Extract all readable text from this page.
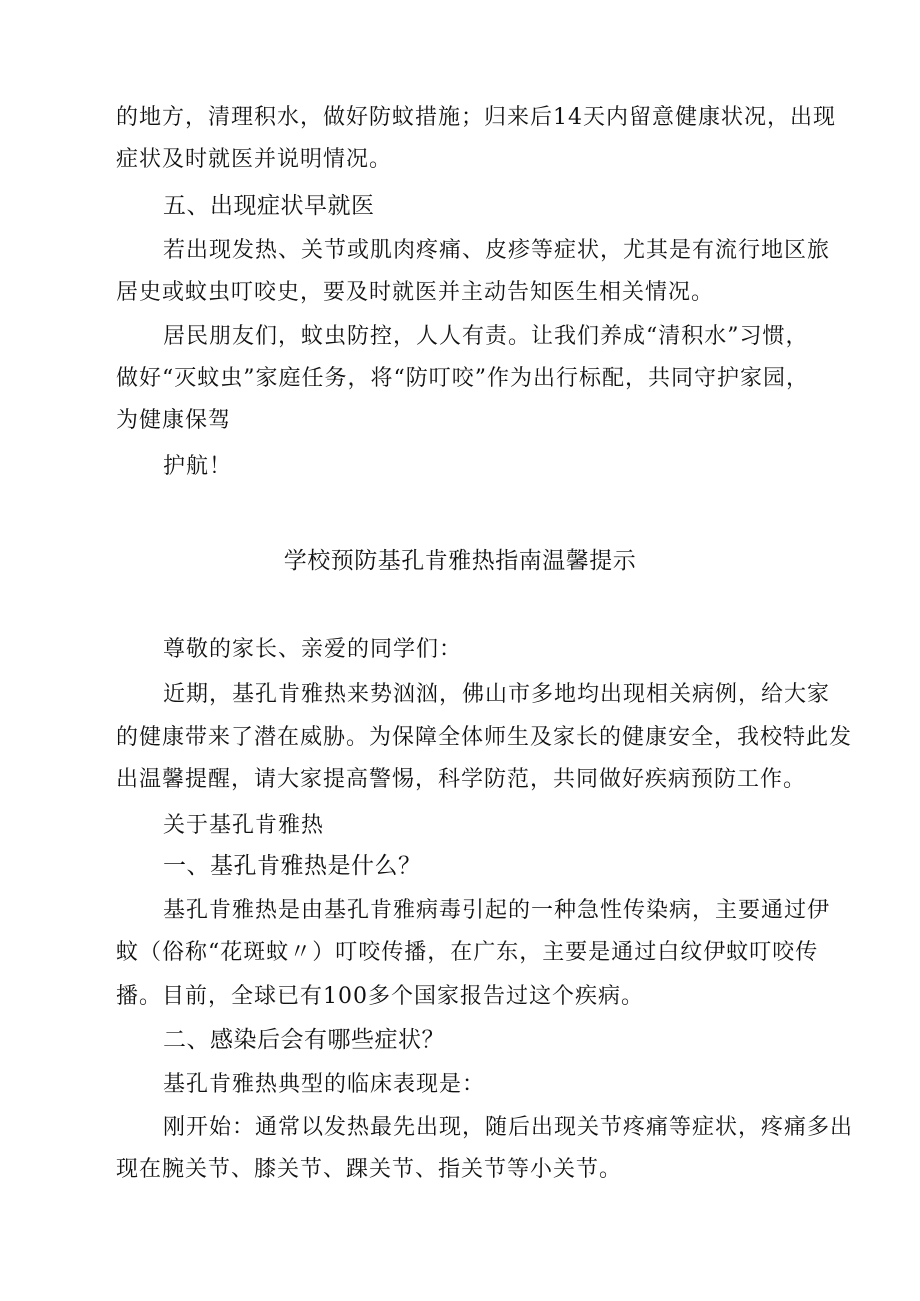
的地方，清理积水，做好防蚊措施；归来后14天内留意健康状况，出现
症状及时就医并说明情况。
五、出现症状早就医
若出现发热、关节或肌肉疼痛、皮疹等症状，尤其是有流行地区旅
居史或蚊虫叮咬史，要及时就医并主动告知医生相关情况。
居民朋友们，蚊虫防控，人人有责。让我们养成“清积水”习惯，
做好“灭蚊虫”家庭任务，将“防叮咬”作为出行标配，共同守护家园，
为健康保驾
护航！
学校预防基孔肯雅热指南温馨提示
尊敬的家长、亲爱的同学们：
近期，基孔肯雅热来势汹汹，佛山市多地均出现相关病例，给大家
的健康带来了潜在威胁。为保障全体师生及家长的健康安全，我校特此发
出温馨提醒，请大家提高警惕，科学防范，共同做好疾病预防工作。
关于基孔肯雅热
一、基孔肯雅热是什么？
基孔肯雅热是由基孔肯雅病毒引起的一种急性传染病，主要通过伊
蚊（俗称“花斑蚊〃）叮咬传播，在广东，主要是通过白纹伊蚊叮咬传
播。目前，全球已有100多个国家报告过这个疾病。
二、感染后会有哪些症状？
基孔肯雅热典型的临床表现是：
刚开始：通常以发热最先出现，随后出现关节疼痛等症状，疼痛多出
现在腕关节、膝关节、踝关节、指关节等小关节。
